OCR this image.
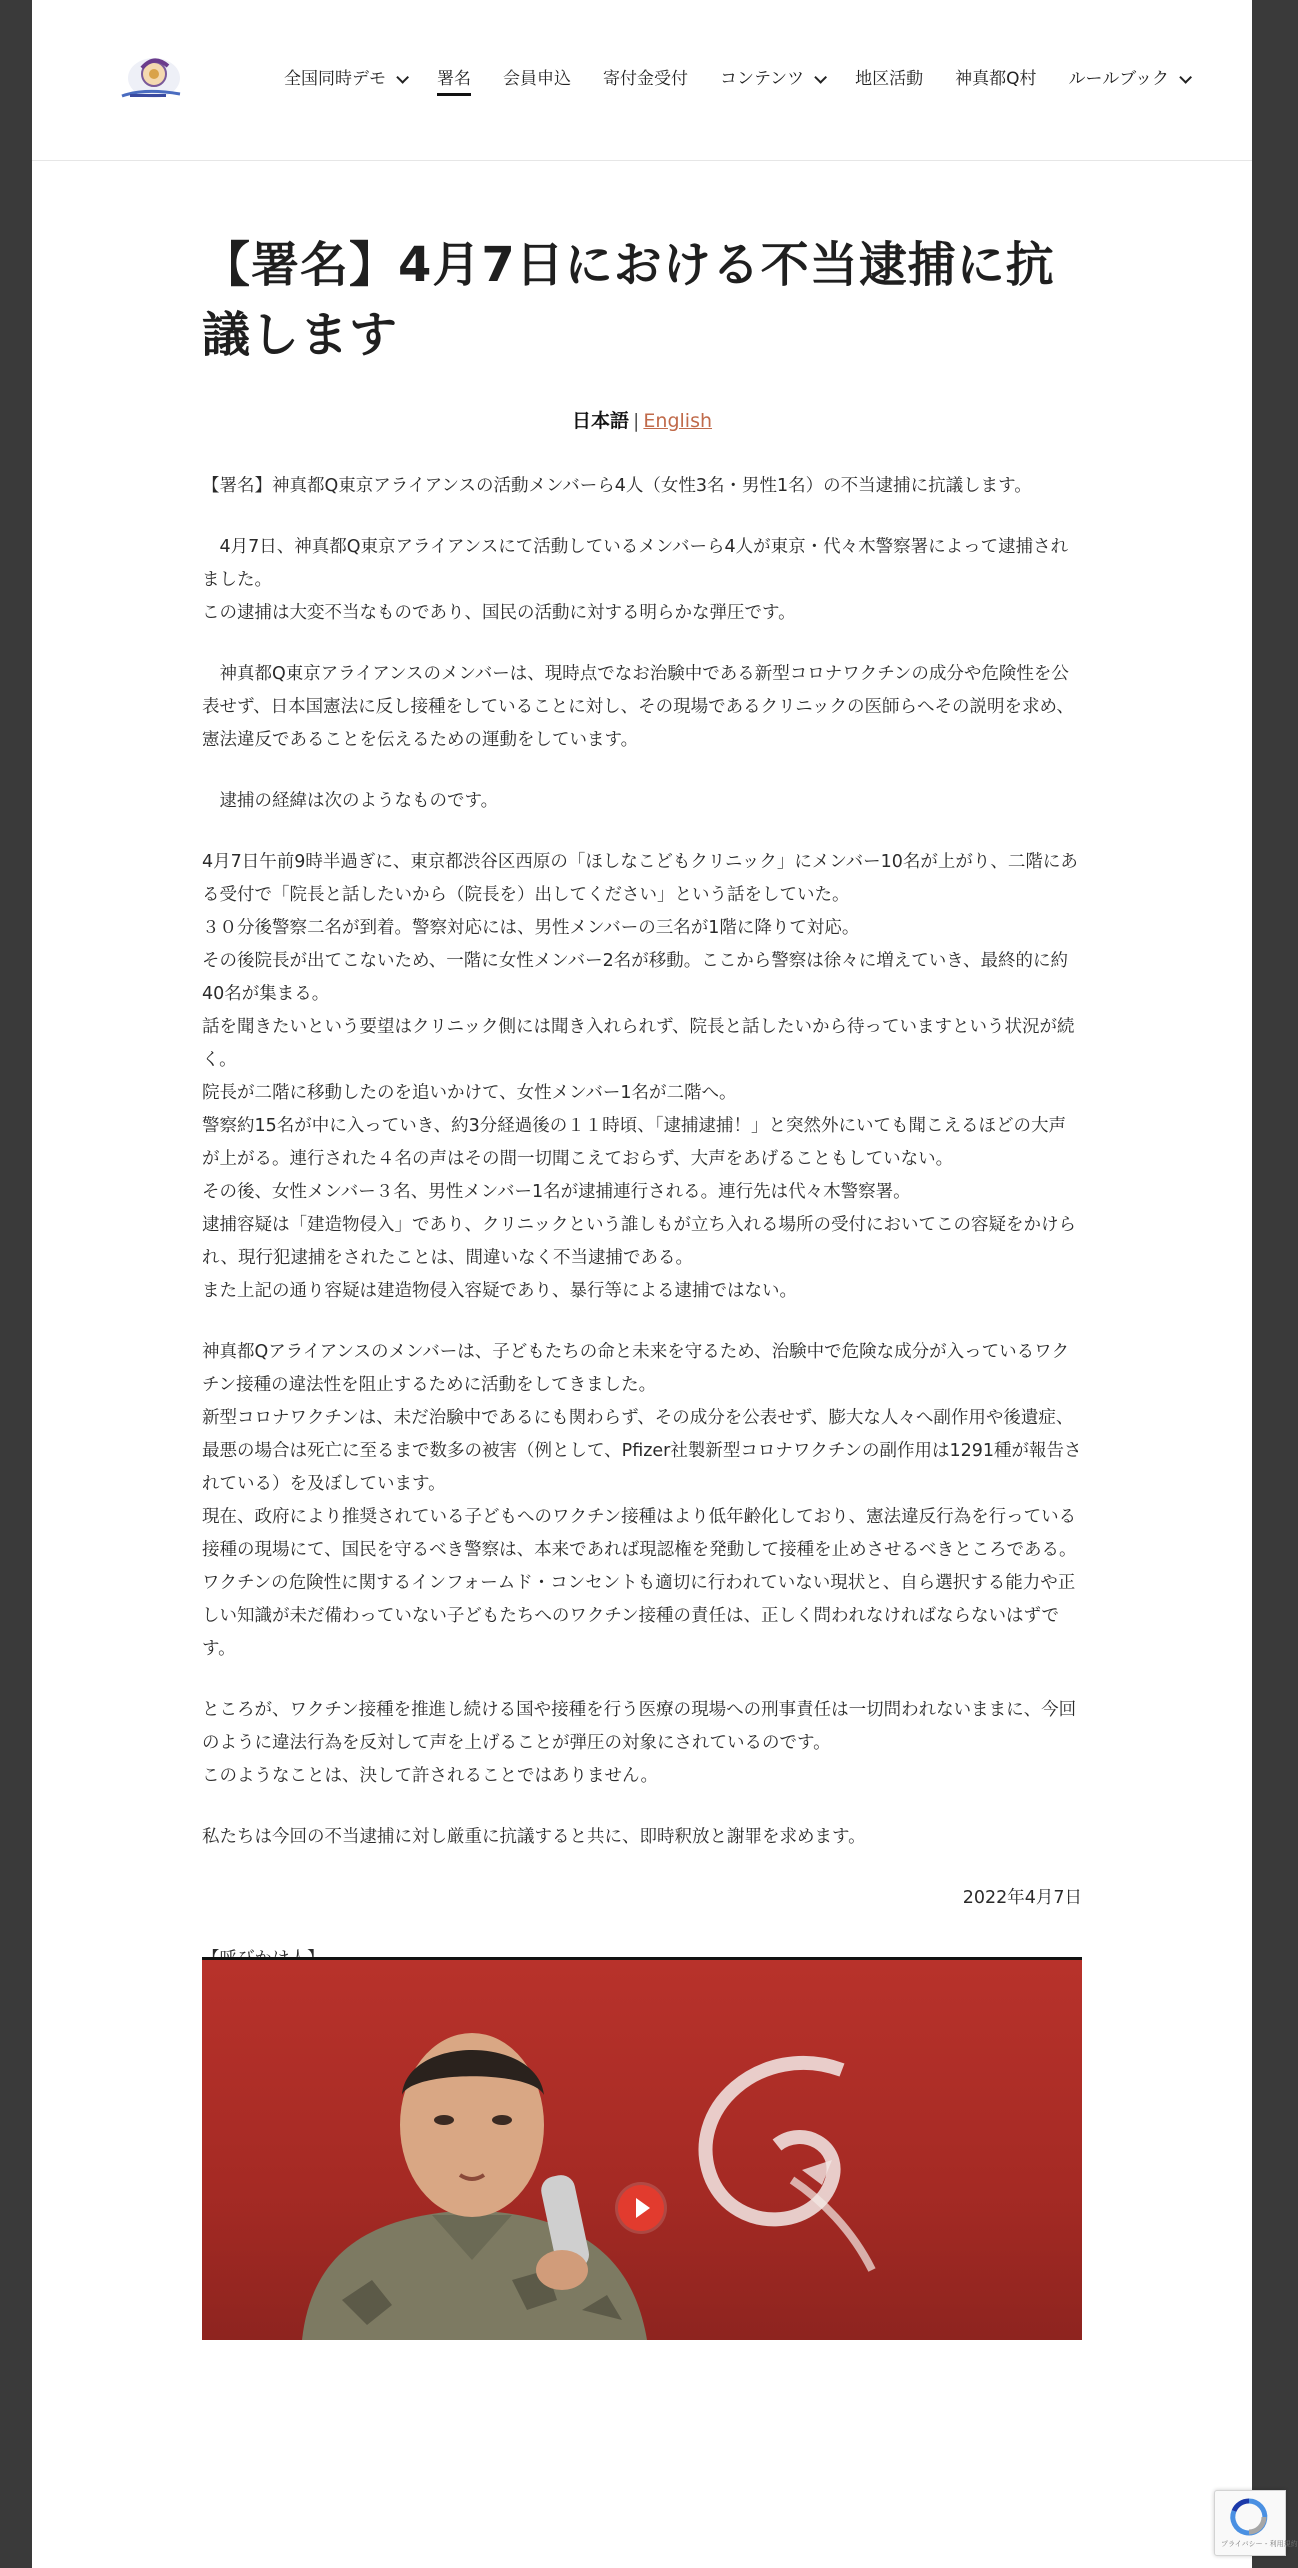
全国同時デモ	署名	会員申込	寄付金受付	コンテンツ	地区活動	神真都Q村	ルールブック
【署名】4月7日における不当逮捕に抗議します
日本語 | English

【署名】神真都Q東京アライアンスの活動メンバーら4人（女性3名・男性1名）の不当逮捕に抗議します。

　4月7日、神真都Q東京アライアンスにて活動しているメンバーら4人が東京・代々木警察署によって逮捕されました。
この逮捕は大変不当なものであり、国民の活動に対する明らかな弾圧です。

　神真都Q東京アライアンスのメンバーは、現時点でなお治験中である新型コロナワクチンの成分や危険性を公表せず、日本国憲法に反し接種をしていることに対し、その現場であるクリニックの医師らへその説明を求め、憲法違反であることを伝えるための運動をしています。

　逮捕の経緯は次のようなものです。

4月7日午前9時半過ぎに、東京都渋谷区西原の「ほしなこどもクリニック」にメンバー10名が上がり、二階にある受付で「院長と話したいから（院長を）出してください」という話をしていた。
３０分後警察二名が到着。警察対応には、男性メンバーの三名が1階に降りて対応。
その後院長が出てこないため、一階に女性メンバー2名が移動。ここから警察は徐々に増えていき、最終的に約40名が集まる。
話を聞きたいという要望はクリニック側には聞き入れられず、院長と話したいから待っていますという状況が続く。
院長が二階に移動したのを追いかけて、女性メンバー1名が二階へ。
警察約15名が中に入っていき、約3分経過後の１１時頃、「逮捕逮捕！」と突然外にいても聞こえるほどの大声が上がる。連行された４名の声はその間一切聞こえておらず、大声をあげることもしていない。
その後、女性メンバー３名、男性メンバー1名が逮捕連行される。連行先は代々木警察署。
逮捕容疑は「建造物侵入」であり、クリニックという誰しもが立ち入れる場所の受付においてこの容疑をかけられ、現行犯逮捕をされたことは、間違いなく不当逮捕である。
また上記の通り容疑は建造物侵入容疑であり、暴行等による逮捕ではない。

神真都Qアライアンスのメンバーは、子どもたちの命と未来を守るため、治験中で危険な成分が入っているワクチン接種の違法性を阻止するために活動をしてきました。
新型コロナワクチンは、未だ治験中であるにも関わらず、その成分を公表せず、膨大な人々へ副作用や後遺症、最悪の場合は死亡に至るまで数多の被害（例として、Pfizer社製新型コロナワクチンの副作用は1291種が報告されている）を及ぼしています。
現在、政府により推奨されている子どもへのワクチン接種はより低年齢化しており、憲法違反行為を行っている接種の現場にて、国民を守るべき警察は、本来であれば現認権を発動して接種を止めさせるべきところである。
ワクチンの危険性に関するインフォームド・コンセントも適切に行われていない現状と、自ら選択する能力や正しい知識が未だ備わっていない子どもたちへのワクチン接種の責任は、正しく問われなければならないはずです。

ところが、ワクチン接種を推進し続ける国や接種を行う医療の現場への刑事責任は一切問われないままに、今回のように違法行為を反対して声を上げることが弾圧の対象にされているのです。
このようなことは、決して許されることではありません。

私たちは今回の不当逮捕に対し厳重に抗議すると共に、即時釈放と謝罪を求めます。

2022年4月7日

プライバシー - 利用規約
